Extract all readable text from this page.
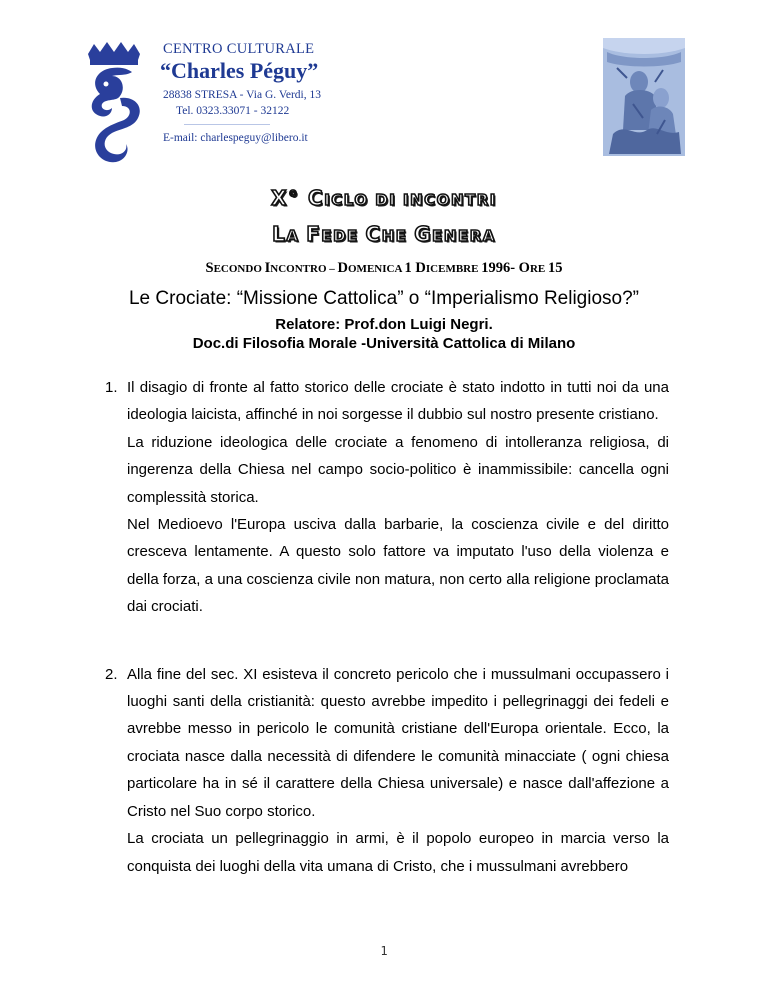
CENTRO CULTURALE
“Charles Péguy”
28838 STRESA - Via G. Verdi, 13
Tel. 0323.33071 - 32122
E-mail: charlespeguy@libero.it
X° CICLO DI INCONTRI
LA FEDE CHE GENERA
SECONDO INCONTRO – DOMENICA 1 DICEMBRE 1996- ORE 15
Le Crociate: “Missione Cattolica” o “Imperialismo Religioso?”
Relatore: Prof.don Luigi Negri.
Doc.di Filosofia Morale -Università Cattolica di Milano
1. Il disagio di fronte al fatto storico delle crociate è stato indotto in tutti noi da una ideologia laicista, affinché in noi sorgesse il dubbio sul nostro presente cristiano.

La riduzione ideologica delle crociate a fenomeno di intolleranza religiosa, di ingerenza della Chiesa nel campo socio-politico è inammissibile: cancella ogni complessità storica.

Nel Medioevo l'Europa usciva dalla barbarie, la coscienza civile e del diritto cresceva lentamente. A questo solo fattore va imputato l'uso della violenza e della forza, a una coscienza civile non matura, non certo alla religione proclamata dai crociati.

2. Alla fine del sec. XI esisteva il concreto pericolo che i mussulmani occupassero i luoghi santi della cristianità: questo avrebbe impedito i pellegrinaggi dei fedeli e avrebbe messo in pericolo le comunità cristiane dell'Europa orientale. Ecco, la crociata nasce dalla necessità di difendere le comunità minacciate ( ogni chiesa particolare ha in sé il carattere della Chiesa universale) e nasce dall'affezione a Cristo nel Suo corpo storico.

La crociata un pellegrinaggio in armi, è il popolo europeo in marcia verso la conquista dei luoghi della vita umana di Cristo, che i mussulmani avrebbero

1
